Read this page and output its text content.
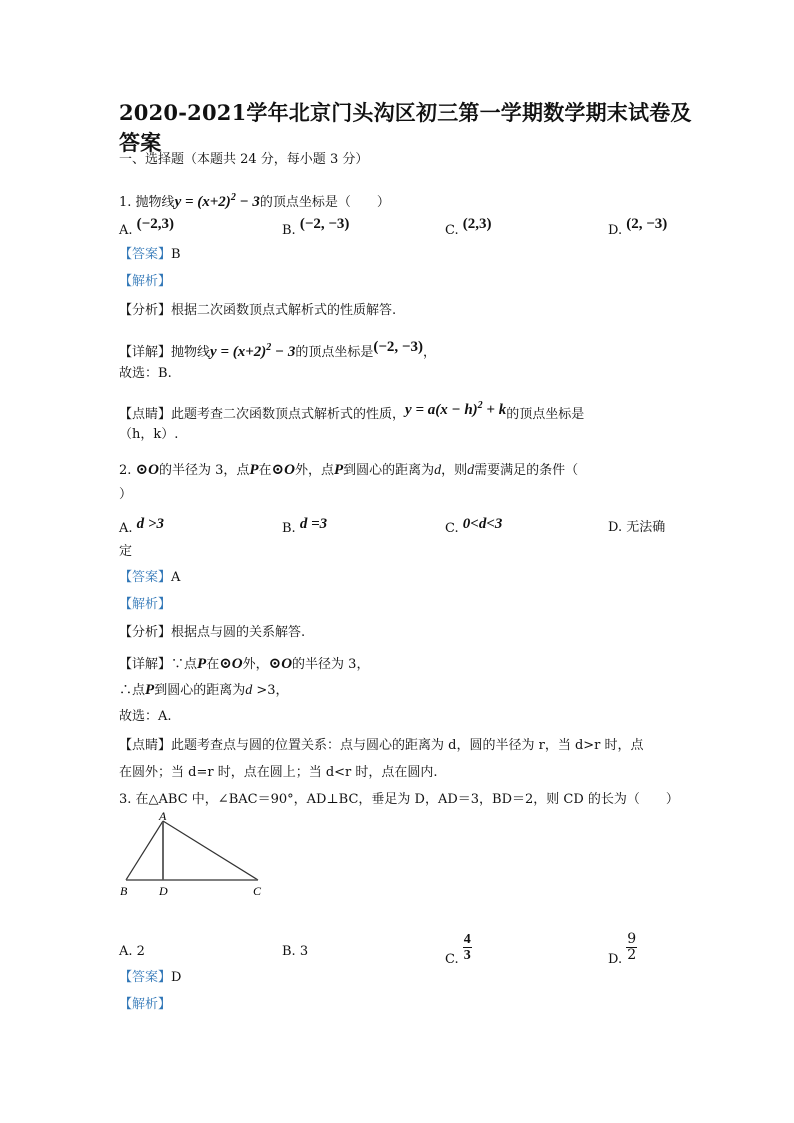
2020-2021学年北京门头沟区初三第一学期数学期末试卷及
答案
一、选择题（本题共 24 分，每小题 3 分）
1. 抛物线$y = (x+2)^2 - 3$的顶点坐标是（　　）
A. (−2,3)	B. (−2, −3)	C. (2,3)	D. (2, −3)
【答案】B
【解析】
【分析】根据二次函数顶点式解析式的性质解答.
【详解】抛物线$y = (x+2)^2 - 3$的顶点坐标是(−2, −3)，
故选：B.
【点睛】此题考查二次函数顶点式解析式的性质，$y = a(x - h)^2 + k$的顶点坐标是
（h，k）.
2. ⊙O的半径为 3，点P在⊙O外，点P到圆心的距离为d，则d需要满足的条件（
）
A. d >3	B. d =3	C. 0<d<3	D. 无法确
定
【答案】A
【解析】
【分析】根据点与圆的关系解答.
【详解】∵点P在⊙O外，⊙O的半径为 3，
∴点P到圆心的距离为d >3，
故选：A.
【点睛】此题考查点与圆的位置关系：点与圆心的距离为 d，圆的半径为 r，当 d>r 时，点
在圆外；当 d=r 时，点在圆上；当 d<r 时，点在圆内.
3. 在△ABC 中，∠BAC＝90°，AD⊥BC，垂足为 D，AD＝3，BD＝2，则 CD 的长为（　　）
A
B	D	C
A. 2	B. 3
C. $\frac{4}{3}$	D. $\frac{9}{2}$
【答案】D
【解析】
